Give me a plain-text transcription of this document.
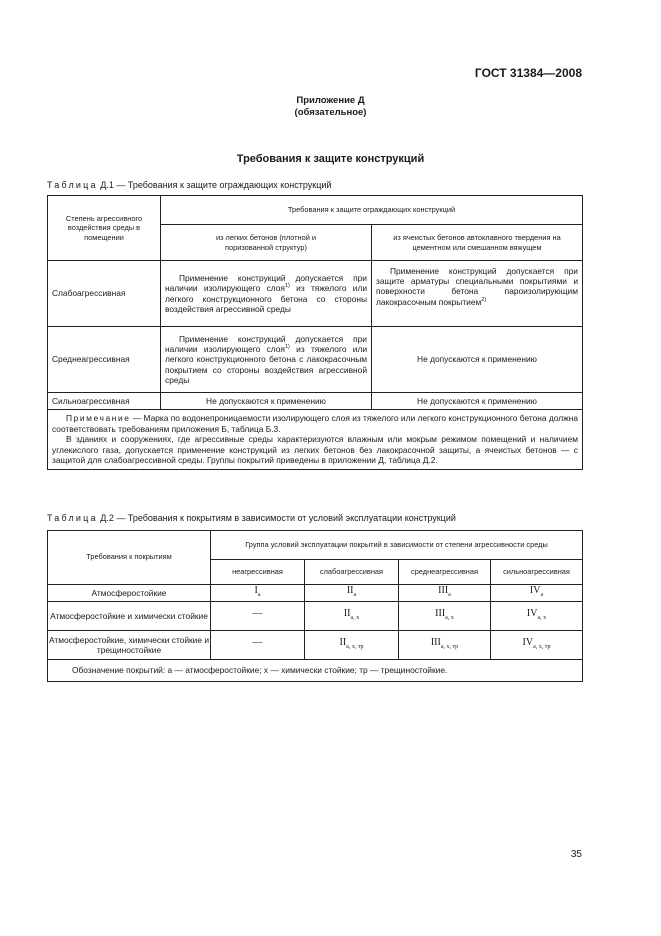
ГОСТ 31384—2008
Приложение Д
(обязательное)
Требования к защите конструкций
Таблица Д.1 — Требования к защите ограждающих конструкций
Степень агрессивного воздействия среды в помещении	Требования к защите ограждающих конструкций	
	из легких бетонов (плотной и поризованной структур)	из ячеистых бетонов автоклавного твердения на цементном или смешанном вяжущем
Слабоагрессивная	Применение конструкций допускается при наличии изолирующего слоя$^{1)}$ из тяжелого или легкого конструкционного бетона со стороны воздействия агрессивной среды	Применение конструкций допускается при защите арматуры специальными покрытиями и поверхности бетона пароизолирующим лакокрасочным покрытием$^{2)}$
Среднеагрессивная	Применение конструкций допускается при наличии изолирующего слоя$^{1)}$ из тяжелого или легкого конструкционного бетона с лакокрасочным покрытием со стороны воздействия агрессивной среды	Не допускаются к применению
Сильноагрессивная	Не допускаются к применению	Не допускаются к применению

Примечание — Марка по водонепроницаемости изолирующего слоя из тяжелого или легкого конструкционного бетона должна соответствовать требованиям приложения Б, таблица Б.3.

В зданиях и сооружениях, где агрессивные среды характеризуются влажным или мокрым режимом помещений и наличием углекислого газа, допускается применение конструкций из легких бетонов без лакокрасочной защиты, а ячеистых бетонов — с защитой для слабоагрессивной среды. Группы покрытий приведены в приложении Д, таблица Д.2.		

Таблица Д.2 — Требования к покрытиям в зависимости от условий эксплуатации конструкций
Требования к покрытиям	Группа условий эксплуатации покрытий в зависимости от степени агрессивности среды			
	неагрессивная	слабоагрессивная	среднеагрессивная	сильноагрессивная
Атмосферостойкие	$I_а$	$II_а$	$III_а$	$IV_а$
Атмосферостойкие и химически стойкие	—	$II_{а, х}$	$III_{а, х}$	$IV_{а, х}$
Атмосферостойкие, химически стойкие и трещиностойкие	—	$II_{а, х, тр}$	$III_{а, х, тр}$	$IV_{а, х, тр}$
Обозначение покрытий: а — атмосферостойкие; х — химически стойкие; тр — трещиностойкие.				
35
